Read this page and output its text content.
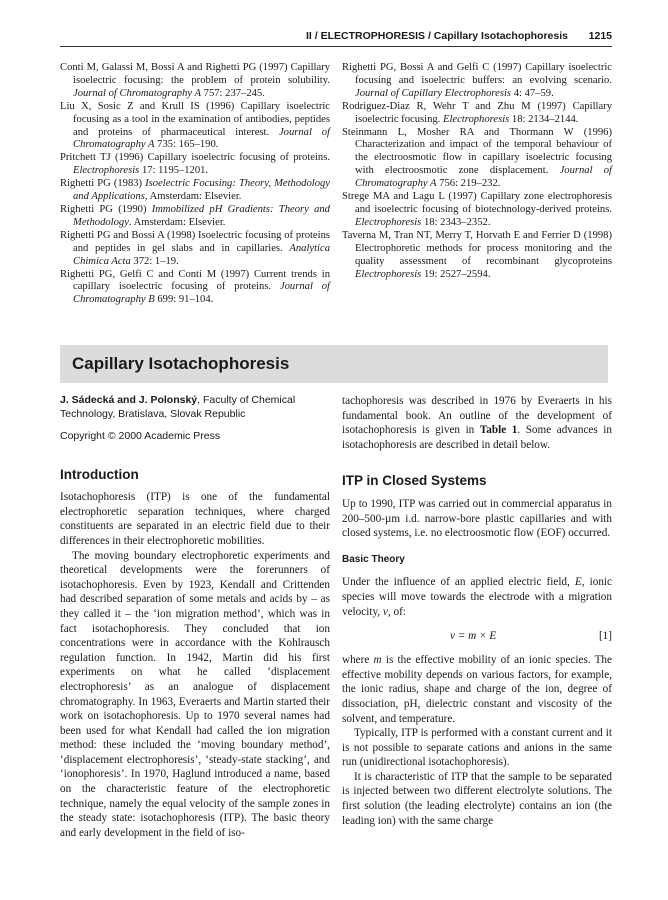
II / ELECTROPHORESIS / Capillary Isotachophoresis 1215
Conti M, Galassi M, Bossi A and Righetti PG (1997) Capillary isoelectric focusing: the problem of protein solubility. Journal of Chromatography A 757: 237–245.
Liu X, Sosic Z and Krull IS (1996) Capillary isoelectric focusing as a tool in the examination of antibodies, peptides and proteins of pharmaceutical interest. Journal of Chromatography A 735: 165–190.
Pritchett TJ (1996) Capillary isoelectric focusing of proteins. Electrophoresis 17: 1195–1201.
Righetti PG (1983) Isoelectric Focusing: Theory, Methodology and Applications, Amsterdam: Elsevier.
Righetti PG (1990) Immobilized pH Gradients: Theory and Methodology. Amsterdam: Elsevier.
Righetti PG and Bossi A (1998) Isoelectric focusing of proteins and peptides in gel slabs and in capillaries. Analytica Chimica Acta 372: 1–19.
Righetti PG, Gelfi C and Conti M (1997) Current trends in capillary isoelectric focusing of proteins. Journal of Chromatography B 699: 91–104.
Righetti PG, Bossi A and Gelfi C (1997) Capillary isoelectric focusing and isoelectric buffers: an evolving scenario. Journal of Capillary Electrophoresis 4: 47–59.
Rodriguez-Diaz R, Wehr T and Zhu M (1997) Capillary isoelectric focusing. Electrophoresis 18: 2134–2144.
Steinmann L, Mosher RA and Thormann W (1996) Characterization and impact of the temporal behaviour of the electroosmotic flow in capillary isoelectric focusing with electroosmotic zone displacement. Journal of Chromatography A 756: 219–232.
Strege MA and Lagu L (1997) Capillary zone electrophoresis and isoelectric focusing of biotechnology-derived proteins. Electrophoresis 18: 2343–2352.
Taverna M, Tran NT, Merry T, Horvath E and Ferrier D (1998) Electrophoretic methods for process monitoring and the quality assessment of recombinant glycoproteins Electrophoresis 19: 2527–2594.
Capillary Isotachophoresis
J. Sádecká and J. Polonský, Faculty of Chemical Technology, Bratislava, Slovak Republic
Copyright © 2000 Academic Press
Introduction

Isotachophoresis (ITP) is one of the fundamental electrophoretic separation techniques, where charged constituents are separated in an electric field due to their differences in their electrophoretic mobilities.

The moving boundary electrophoretic experiments and theoretical developments were the forerunners of isotachophoresis. Even by 1923, Kendall and Crittenden had described separation of some metals and acids by – as they called it – the ‘ion migration method’, which was in fact isotachophoresis. They concluded that ion concentrations were in accordance with the Kohlrausch regulation function. In 1942, Martin did his first experiments on what he called ‘displacement electrophoresis’ as an analogue of displacement chromatography. In 1963, Everaerts and Martin started their work on isotachophoresis. Up to 1970 several names had been used for what Kendall had called the ion migration method: these included the ‘moving boundary method’, ‘displacement electrophoresis’, ‘steady-state stacking’, and ‘ionophoresis’. In 1970, Haglund introduced a name, based on the characteristic feature of the electrophoretic technique, namely the equal velocity of the sample zones in the steady state: isotachophoresis (ITP). The basic theory and early development in the field of iso-

tachophoresis was described in 1976 by Everaerts in his fundamental book. An outline of the development of isotachophoresis is given in Table 1. Some advances in isotachophoresis are described in detail below.

ITP in Closed Systems

Up to 1990, ITP was carried out in commercial apparatus in 200–500-µm i.d. narrow-bore plastic capillaries and with closed systems, i.e. no electroosmotic flow (EOF) occurred.

Basic Theory

Under the influence of an applied electric field, E, ionic species will move towards the electrode with a migration velocity, v, of:

v = m × E	[1]

where m is the effective mobility of an ionic species. The effective mobility depends on various factors, for example, the ionic radius, shape and charge of the ion, degree of dissociation, pH, dielectric constant and viscosity of the solvent, and temperature.

Typically, ITP is performed with a constant current and it is not possible to separate cations and anions in the same run (unidirectional isotachophoresis).

It is characteristic of ITP that the sample to be separated is injected between two different electrolyte solutions. The first solution (the leading electrolyte) contains an ion (the leading ion) with the same charge
